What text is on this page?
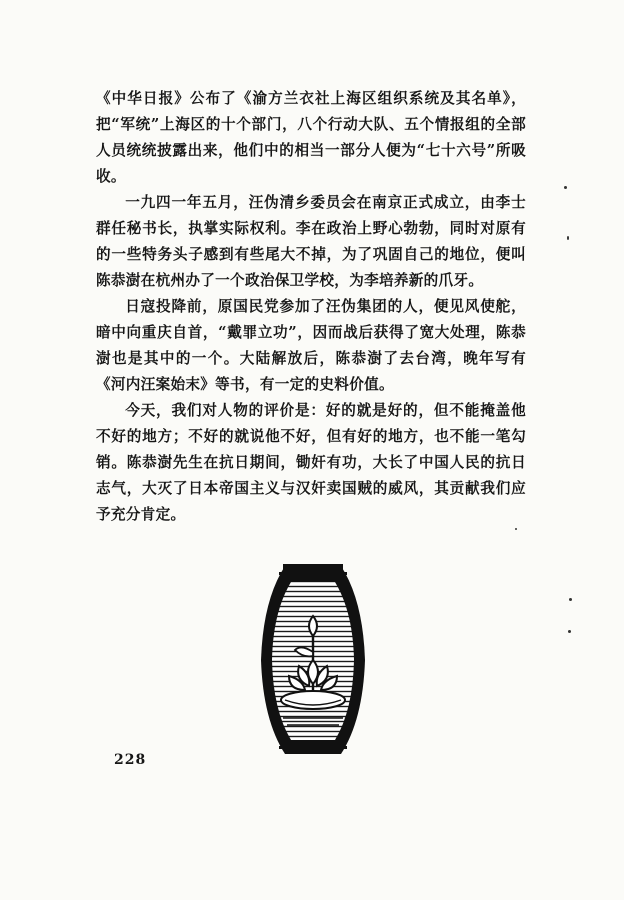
《中华日报》公布了《渝方兰衣社上海区组织系统及其名单》，把“军统”上海区的十个部门，八个行动大队、五个情报组的全部人员统统披露出来，他们中的相当一部分人便为“七十六号”所吸收。

一九四一年五月，汪伪清乡委员会在南京正式成立，由李士群任秘书长，执掌实际权利。李在政治上野心勃勃，同时对原有的一些特务头子感到有些尾大不掉，为了巩固自己的地位，便叫陈恭澍在杭州办了一个政治保卫学校，为李培养新的爪牙。

日寇投降前，原国民党参加了汪伪集团的人，便见风使舵，暗中向重庆自首，“戴罪立功”，因而战后获得了宽大处理，陈恭澍也是其中的一个。大陆解放后，陈恭澍了去台湾，晚年写有《河内汪案始末》等书，有一定的史料价值。

今天，我们对人物的评价是：好的就是好的，但不能掩盖他不好的地方；不好的就说他不好，但有好的地方，也不能一笔勾销。陈恭澍先生在抗日期间，锄奸有功，大长了中国人民的抗日志气，大灭了日本帝国主义与汉奸卖国贼的威风，其贡献我们应予充分肯定。

228
